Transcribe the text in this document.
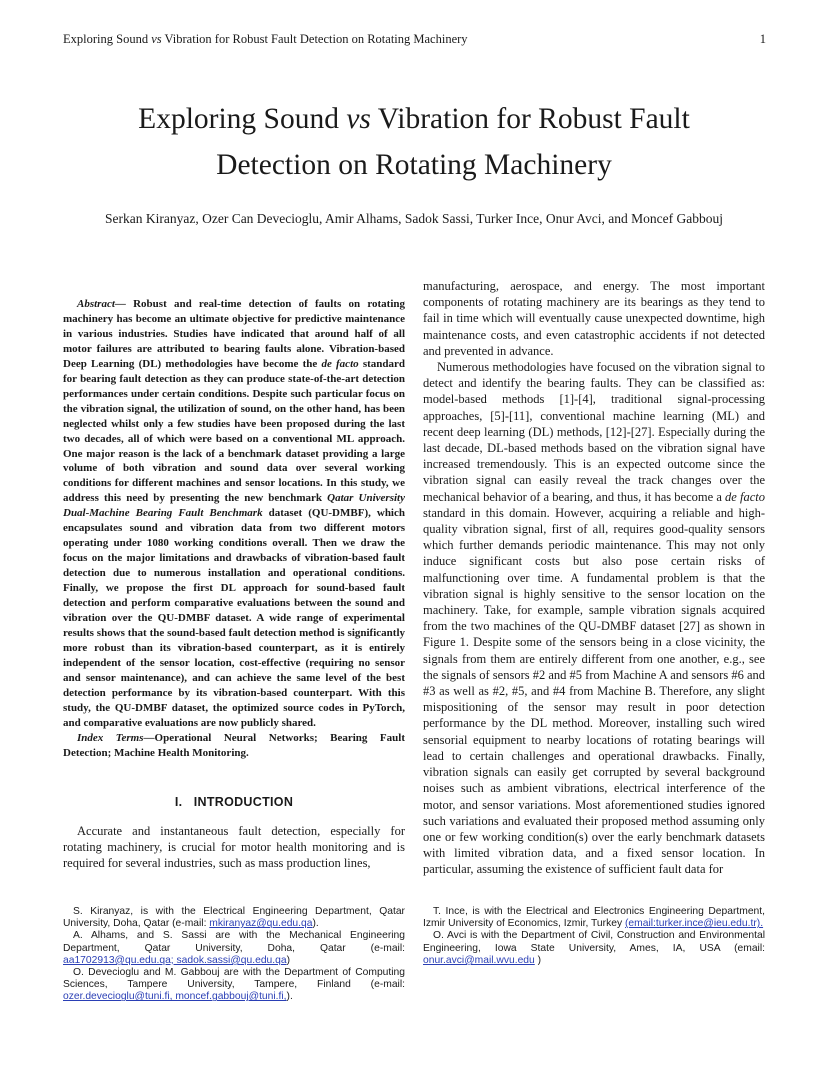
Exploring Sound vs Vibration for Robust Fault Detection on Rotating Machinery	1
Exploring Sound vs Vibration for Robust Fault
Detection on Rotating Machinery
Serkan Kiranyaz, Ozer Can Devecioglu, Amir Alhams, Sadok Sassi, Turker Ince, Onur Avci, and Moncef Gabbouj

Abstract— Robust and real-time detection of faults on rotating machinery has become an ultimate objective for predictive maintenance in various industries. Studies have indicated that around half of all motor failures are attributed to bearing faults alone. Vibration-based Deep Learning (DL) methodologies have become the de facto standard for bearing fault detection as they can produce state-of-the-art detection performances under certain conditions. Despite such particular focus on the vibration signal, the utilization of sound, on the other hand, has been neglected whilst only a few studies have been proposed during the last two decades, all of which were based on a conventional ML approach. One major reason is the lack of a benchmark dataset providing a large volume of both vibration and sound data over several working conditions for different machines and sensor locations. In this study, we address this need by presenting the new benchmark Qatar University Dual-Machine Bearing Fault Benchmark dataset (QU-DMBF), which encapsulates sound and vibration data from two different motors operating under 1080 working conditions overall. Then we draw the focus on the major limitations and drawbacks of vibration-based fault detection due to numerous installation and operational conditions. Finally, we propose the first DL approach for sound-based fault detection and perform comparative evaluations between the sound and vibration over the QU-DMBF dataset. A wide range of experimental results shows that the sound-based fault detection method is significantly more robust than its vibration-based counterpart, as it is entirely independent of the sensor location, cost-effective (requiring no sensor and sensor maintenance), and can achieve the same level of the best detection performance by its vibration-based counterpart. With this study, the QU-DMBF dataset, the optimized source codes in PyTorch, and comparative evaluations are now publicly shared.

Index Terms—Operational Neural Networks; Bearing Fault Detection; Machine Health Monitoring.

I. INTRODUCTION

Accurate and instantaneous fault detection, especially for rotating machinery, is crucial for motor health monitoring and is required for several industries, such as mass production lines,

manufacturing, aerospace, and energy. The most important components of rotating machinery are its bearings as they tend to fail in time which will eventually cause unexpected downtime, high maintenance costs, and even catastrophic accidents if not detected and prevented in advance.

Numerous methodologies have focused on the vibration signal to detect and identify the bearing faults. They can be classified as: model-based methods [1]-[4], traditional signal-processing approaches, [5]-[11], conventional machine learning (ML) and recent deep learning (DL) methods, [12]-[27]. Especially during the last decade, DL-based methods based on the vibration signal have increased tremendously. This is an expected outcome since the vibration signal can easily reveal the track changes over the mechanical behavior of a bearing, and thus, it has become a de facto standard in this domain. However, acquiring a reliable and high-quality vibration signal, first of all, requires good-quality sensors which further demands periodic maintenance. This may not only induce significant costs but also pose certain risks of malfunctioning over time. A fundamental problem is that the vibration signal is highly sensitive to the sensor location on the machinery. Take, for example, sample vibration signals acquired from the two machines of the QU-DMBF dataset [27] as shown in Figure 1. Despite some of the sensors being in a close vicinity, the signals from them are entirely different from one another, e.g., see the signals of sensors #2 and #5 from Machine A and sensors #6 and #3 as well as #2, #5, and #4 from Machine B. Therefore, any slight mispositioning of the sensor may result in poor detection performance by the DL method. Moreover, installing such wired sensorial equipment to nearby locations of rotating bearings will lead to certain challenges and operational drawbacks. Finally, vibration signals can easily get corrupted by several background noises such as ambient vibrations, electrical interference of the motor, and sensor variations. Most aforementioned studies ignored such variations and evaluated their proposed method assuming only one or few working condition(s) over the early benchmark datasets with limited vibration data, and a fixed sensor location. In particular, assuming the existence of sufficient fault data for

S. Kiranyaz, is with the Electrical Engineering Department, Qatar University, Doha, Qatar (e-mail: mkiranyaz@qu.edu.qa).

A. Alhams, and S. Sassi are with the Mechanical Engineering Department, Qatar University, Doha, Qatar (e-mail: aa1702913@qu.edu.qa; sadok.sassi@qu.edu.qa)

O. Devecioglu and M. Gabbouj are with the Department of Computing Sciences, Tampere University, Tampere, Finland (e-mail: ozer.devecioglu@tuni.fi, moncef.gabbouj@tuni.fi,).

T. Ince, is with the Electrical and Electronics Engineering Department, Izmir University of Economics, Izmir, Turkey (email:turker.ince@ieu.edu.tr).

O. Avci is with the Department of Civil, Construction and Environmental Engineering, Iowa State University, Ames, IA, USA (email: onur.avci@mail.wvu.edu )
